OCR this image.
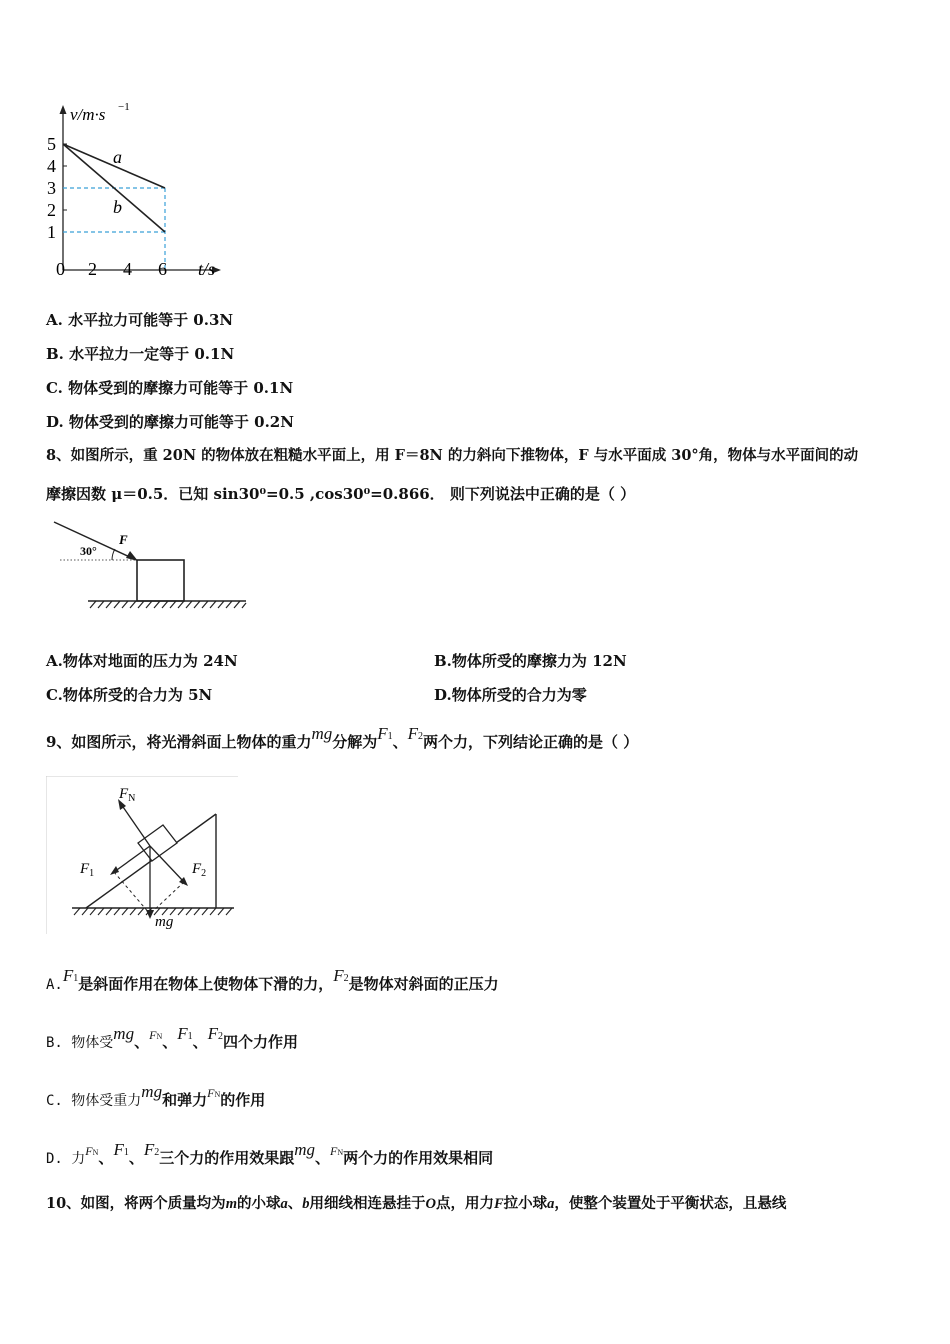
v/m·s −1
a
b
5
4
3
2
1
0 2 4 6 t/s
A. 水平拉力可能等于 0.3N
B. 水平拉力一定等于 0.1N
C. 物体受到的摩擦力可能等于 0.1N
D. 物体受到的摩擦力可能等于 0.2N
8、如图所示，重 20N 的物体放在粗糙水平面上，用 F＝8N 的力斜向下推物体，F 与水平面成 30°角，物体与水平面间的动
摩擦因数 μ＝0.5．已知 sin30⁰=0.5 ,cos30⁰=0.866． 则下列说法中正确的是（ ）
30°
F
A.物体对地面的压力为 24N	B.物体所受的摩擦力为 12N
C.物体所受的合力为 5N	D.物体所受的合力为零
9、如图所示，将光滑斜面上物体的重力mg分解为F1、F2两个力，下列结论正确的是（ ）
$F_N$
$F_1$	$F_2$
mg
A.F1是斜面作用在物体上使物体下滑的力，F2是物体对斜面的正压力
B. 物体受mg、$^{FN}$、F1、F2四个力作用
C. 物体受重力mg和弹力$^{FN}$的作用
D. 力$^{FN}$、F1、F2三个力的作用效果跟mg、$^{FN}$两个力的作用效果相同
10、如图，将两个质量均为m的小球a、b用细线相连悬挂于O点，用力F拉小球a，使整个装置处于平衡状态，且悬线
